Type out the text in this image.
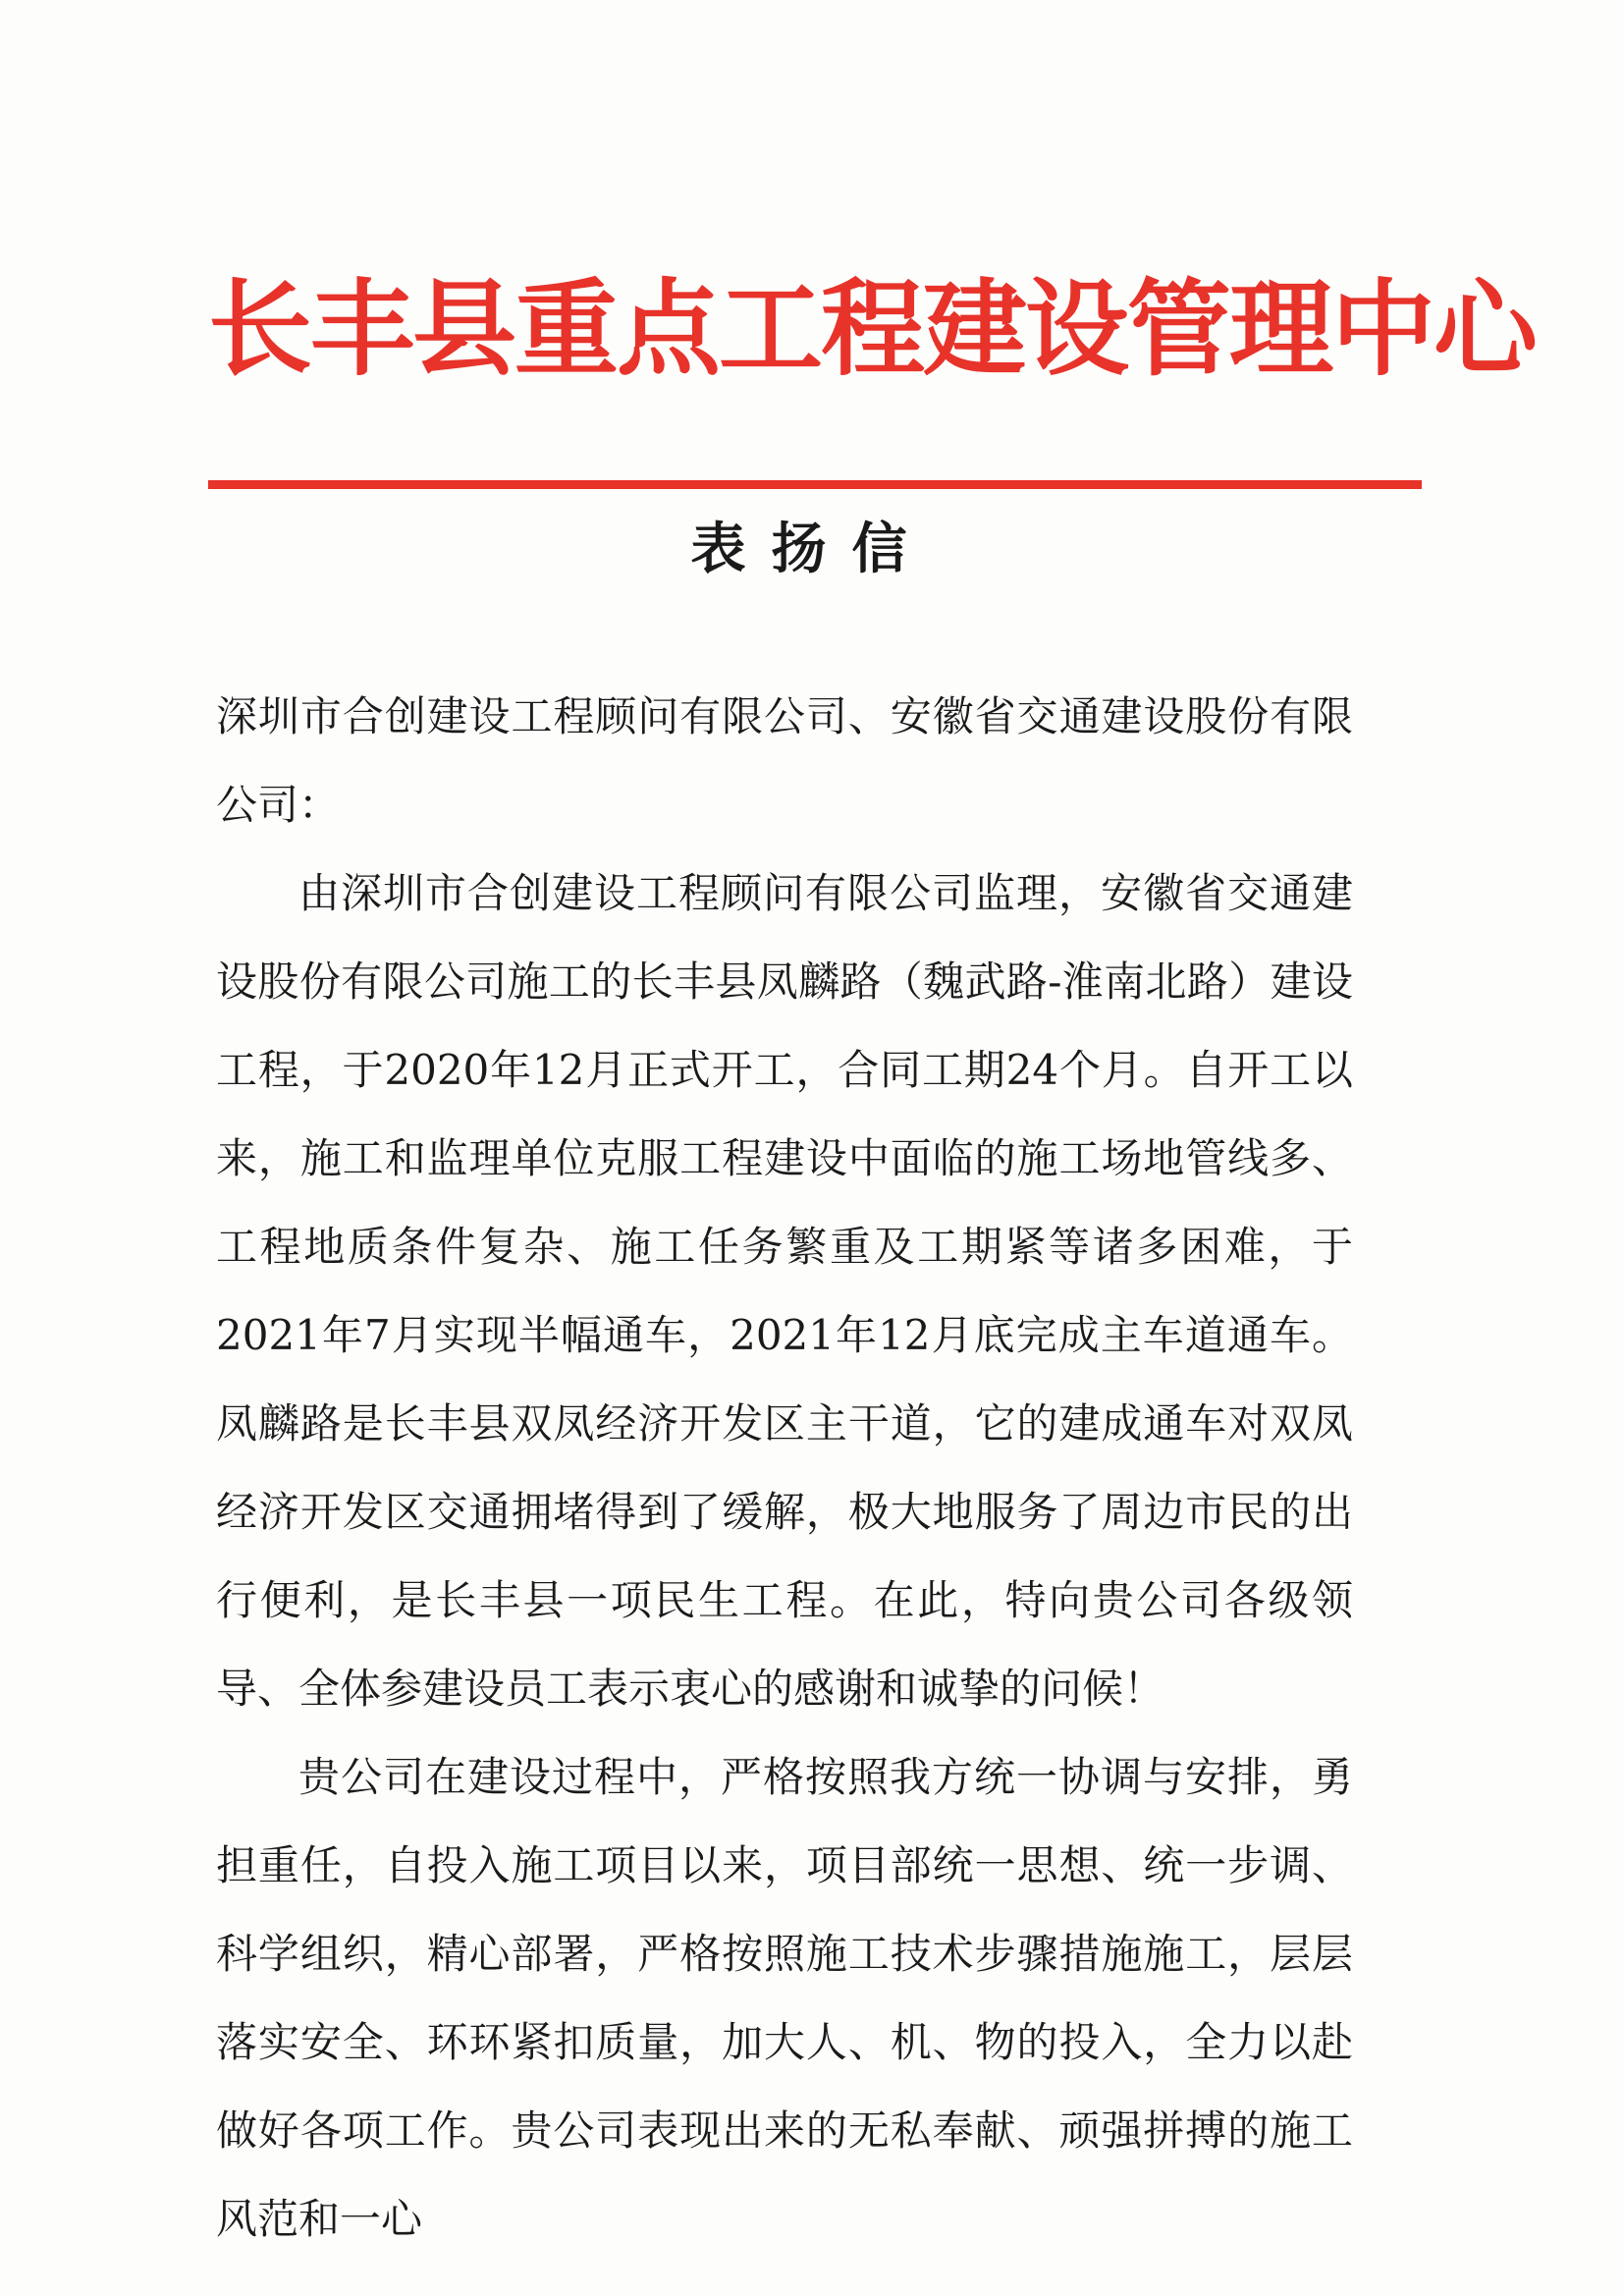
长丰县重点工程建设管理中心
表扬信

深圳市合创建设工程顾问有限公司、安徽省交通建设股份有限公司：

由深圳市合创建设工程顾问有限公司监理，安徽省交通建设股份有限公司施工的长丰县凤麟路（魏武路-淮南北路）建设工程，于2020年12月正式开工，合同工期24个月。自开工以来，施工和监理单位克服工程建设中面临的施工场地管线多、工程地质条件复杂、施工任务繁重及工期紧等诸多困难，于2021年7月实现半幅通车，2021年12月底完成主车道通车。凤麟路是长丰县双凤经济开发区主干道，它的建成通车对双凤经济开发区交通拥堵得到了缓解，极大地服务了周边市民的出行便利，是长丰县一项民生工程。在此，特向贵公司各级领导、全体参建设员工表示衷心的感谢和诚挚的问候！

贵公司在建设过程中，严格按照我方统一协调与安排，勇担重任，自投入施工项目以来，项目部统一思想、统一步调、科学组织，精心部署，严格按照施工技术步骤措施施工，层层落实安全、环环紧扣质量，加大人、机、物的投入，全力以赴做好各项工作。贵公司表现出来的无私奉献、顽强拼搏的施工风范和一心
